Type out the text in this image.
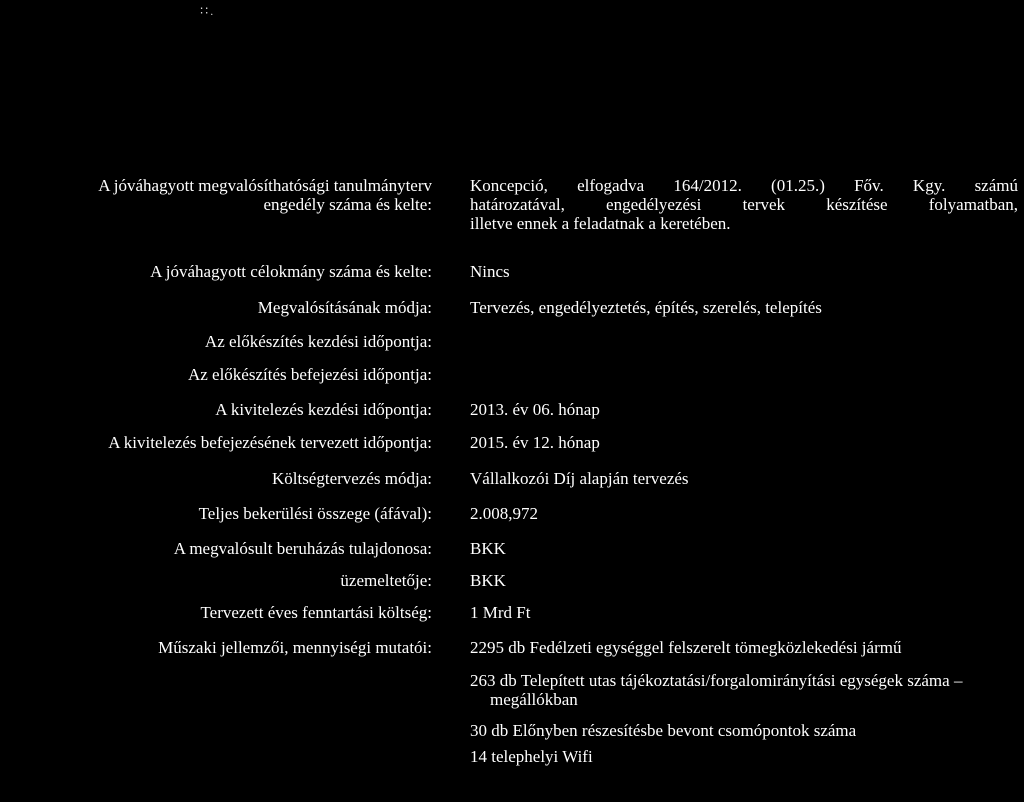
∶∶.
A jóváhagyott megvalósíthatósági tanulmányterv
engedély száma és kelte:
Koncepció, elfogadva 164/2012. (01.25.) Főv. Kgy. számú
határozatával, engedélyezési tervek készítése folyamatban,
illetve ennek a feladatnak a keretében.
A jóváhagyott célokmány száma és kelte: Nincs
Megvalósításának módja: Tervezés, engedélyeztetés, építés, szerelés, telepítés
Az előkészítés kezdési időpontja:
Az előkészítés befejezési időpontja:
A kivitelezés kezdési időpontja: 2013. év 06. hónap
A kivitelezés befejezésének tervezett időpontja: 2015. év 12. hónap
Költségtervezés módja: Vállalkozói Díj alapján tervezés
Teljes bekerülési összege (áfával): 2.008,972
A megvalósult beruházás tulajdonosa: BKK
üzemeltetője: BKK
Tervezett éves fenntartási költség: 1 Mrd Ft
Műszaki jellemzői, mennyiségi mutatói: 2295 db Fedélzeti egységgel felszerelt tömegközlekedési jármű
263 db Telepített utas tájékoztatási/forgalomirányítási egységek száma – megállókban
30 db Előnyben részesítésbe bevont csomópontok száma
14 telephelyi Wifi
